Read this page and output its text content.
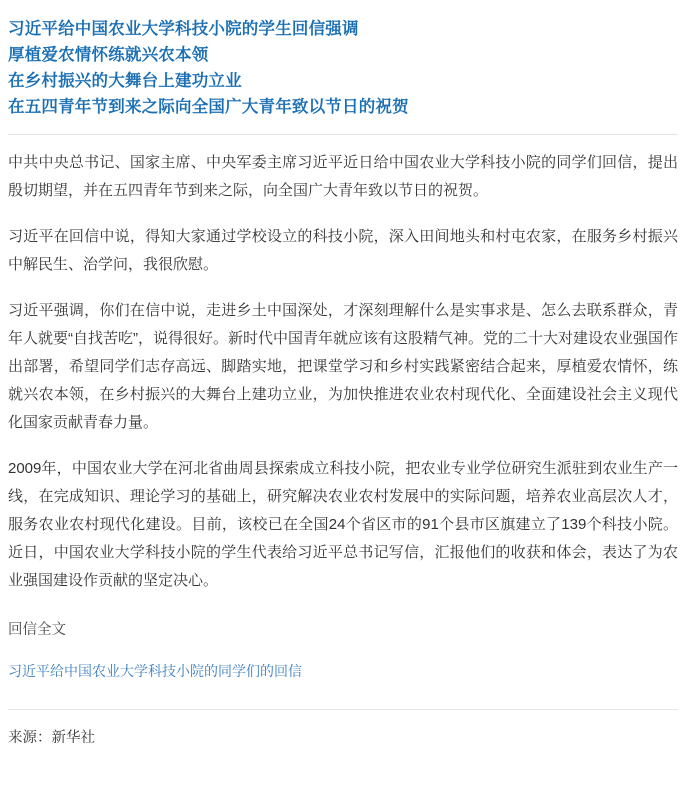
习近平给中国农业大学科技小院的学生回信强调
厚植爱农情怀练就兴农本领
在乡村振兴的大舞台上建功立业
在五四青年节到来之际向全国广大青年致以节日的祝贺

中共中央总书记、国家主席、中央军委主席习近平近日给中国农业大学科技小院的同学们回信，提出殷切期望，并在五四青年节到来之际，向全国广大青年致以节日的祝贺。

习近平在回信中说，得知大家通过学校设立的科技小院，深入田间地头和村屯农家，在服务乡村振兴中解民生、治学问，我很欣慰。

习近平强调，你们在信中说，走进乡土中国深处，才深刻理解什么是实事求是、怎么去联系群众，青年人就要“自找苦吃”，说得很好。新时代中国青年就应该有这股精气神。党的二十大对建设农业强国作出部署，希望同学们志存高远、脚踏实地，把课堂学习和乡村实践紧密结合起来，厚植爱农情怀，练就兴农本领，在乡村振兴的大舞台上建功立业，为加快推进农业农村现代化、全面建设社会主义现代化国家贡献青春力量。

2009年，中国农业大学在河北省曲周县探索成立科技小院，把农业专业学位研究生派驻到农业生产一线，在完成知识、理论学习的基础上，研究解决农业农村发展中的实际问题，培养农业高层次人才，服务农业农村现代化建设。目前，该校已在全国24个省区市的91个县市区旗建立了139个科技小院。近日，中国农业大学科技小院的学生代表给习近平总书记写信，汇报他们的收获和体会，表达了为农业强国建设作贡献的坚定决心。

回信全文
习近平给中国农业大学科技小院的同学们的回信
来源：新华社
